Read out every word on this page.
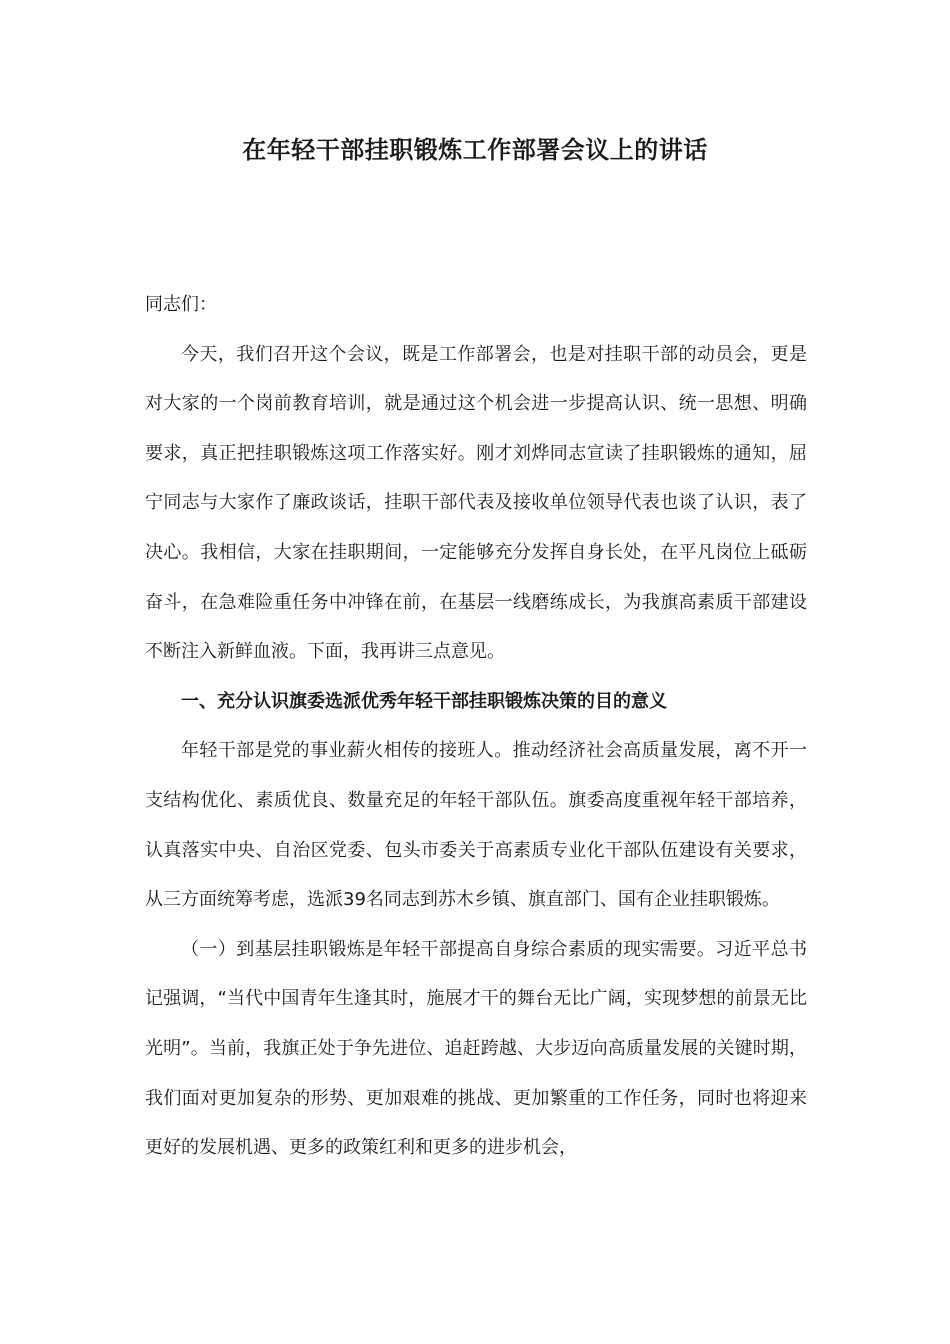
在年轻干部挂职锻炼工作部署会议上的讲话

同志们：

今天，我们召开这个会议，既是工作部署会，也是对挂职干部的动员会，更是对大家的一个岗前教育培训，就是通过这个机会进一步提高认识、统一思想、明确要求，真正把挂职锻炼这项工作落实好。刚才刘烨同志宣读了挂职锻炼的通知，屈宁同志与大家作了廉政谈话，挂职干部代表及接收单位领导代表也谈了认识，表了决心。我相信，大家在挂职期间，一定能够充分发挥自身长处，在平凡岗位上砥砺奋斗，在急难险重任务中冲锋在前，在基层一线磨练成长，为我旗高素质干部建设不断注入新鲜血液。下面，我再讲三点意见。

一、充分认识旗委选派优秀年轻干部挂职锻炼决策的目的意义

年轻干部是党的事业薪火相传的接班人。推动经济社会高质量发展，离不开一支结构优化、素质优良、数量充足的年轻干部队伍。旗委高度重视年轻干部培养，认真落实中央、自治区党委、包头市委关于高素质专业化干部队伍建设有关要求，从三方面统筹考虑，选派39名同志到苏木乡镇、旗直部门、国有企业挂职锻炼。

（一）到基层挂职锻炼是年轻干部提高自身综合素质的现实需要。习近平总书记强调，“当代中国青年生逢其时，施展才干的舞台无比广阔，实现梦想的前景无比光明”。当前，我旗正处于争先进位、追赶跨越、大步迈向高质量发展的关键时期，我们面对更加复杂的形势、更加艰难的挑战、更加繁重的工作任务，同时也将迎来更好的发展机遇、更多的政策红利和更多的进步机会，
